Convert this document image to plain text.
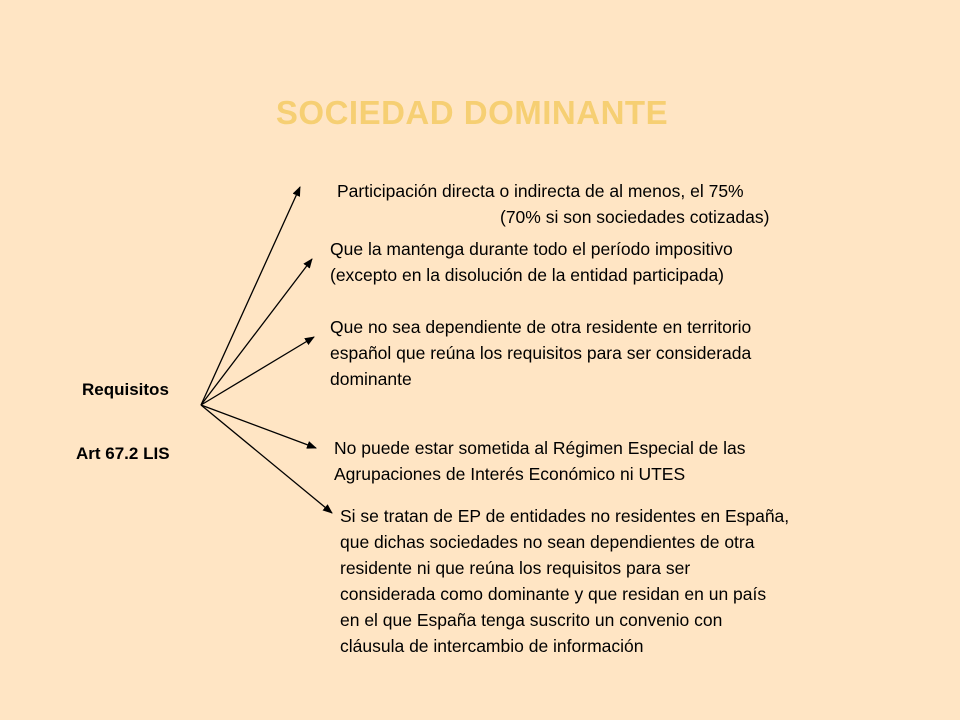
SOCIEDAD DOMINANTE
Requisitos
Art 67.2 LIS
Participación directa o indirecta de al menos, el 75%
(70% si son sociedades cotizadas)
Que la mantenga durante todo el período impositivo
(excepto en la disolución de la entidad participada)
Que no sea dependiente de otra residente en territorio
español que reúna los requisitos para ser considerada
dominante
No puede estar sometida al Régimen Especial de las
Agrupaciones de Interés Económico ni UTES
Si se tratan de EP de entidades no residentes en España,
que dichas sociedades no sean dependientes de otra
residente ni que reúna los requisitos para ser
considerada como dominante y que residan en un país
en el que España tenga suscrito un convenio con
cláusula de intercambio de información
